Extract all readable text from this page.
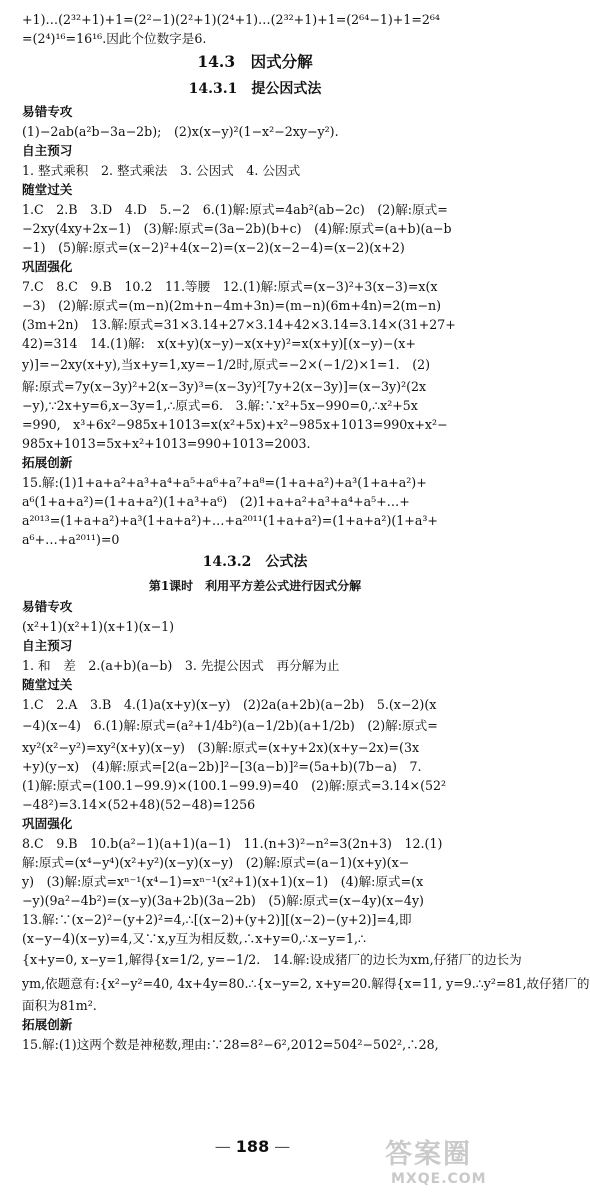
+1)…(2³²+1)+1=(2²−1)(2²+1)(2⁴+1)…(2³²+1)+1=(2⁶⁴−1)+1=2⁶⁴
=(2⁴)¹⁶=16¹⁶.因此个位数字是6.
14.3　因式分解
14.3.1　提公因式法
易错专攻
(1)−2ab(a²b−3a−2b);　(2)x(x−y)²(1−x²−2xy−y²).
自主预习
1. 整式乘积　2. 整式乘法　3. 公因式　4. 公因式
随堂过关
1.C　2.B　3.D　4.D　5.−2　6.(1)解:原式=4ab²(ab−2c)　(2)解:原式=
−2xy(4xy+2x−1)　(3)解:原式=(3a−2b)(b+c)　(4)解:原式=(a+b)(a−b
−1)　(5)解:原式=(x−2)²+4(x−2)=(x−2)(x−2−4)=(x−2)(x+2)
巩固强化
7.C　8.C　9.B　10.2　11.等腰　12.(1)解:原式=(x−3)²+3(x−3)=x(x
−3)　(2)解:原式=(m−n)(2m+n−4m+3n)=(m−n)(6m+4n)=2(m−n)
(3m+2n)　13.解:原式=31×3.14+27×3.14+42×3.14=3.14×(31+27+
42)=314　14.(1)解:　x(x+y)(x−y)−x(x+y)²=x(x+y)[(x−y)−(x+
y)]=−2xy(x+y),当x+y=1,xy=−1/2时,原式=−2×(−1/2)×1=1.　(2)
解:原式=7y(x−3y)²+2(x−3y)³=(x−3y)²[7y+2(x−3y)]=(x−3y)²(2x
−y),∵2x+y=6,x−3y=1,∴原式=6.　3.解:∵x²+5x−990=0,∴x²+5x
=990,　x³+6x²−985x+1013=x(x²+5x)+x²−985x+1013=990x+x²−
985x+1013=5x+x²+1013=990+1013=2003.
拓展创新
15.解:(1)1+a+a²+a³+a⁴+a⁵+a⁶+a⁷+a⁸=(1+a+a²)+a³(1+a+a²)+
a⁶(1+a+a²)=(1+a+a²)(1+a³+a⁶)　(2)1+a+a²+a³+a⁴+a⁵+…+
a²⁰¹³=(1+a+a²)+a³(1+a+a²)+…+a²⁰¹¹(1+a+a²)=(1+a+a²)(1+a³+
a⁶+…+a²⁰¹¹)=0
14.3.2　公式法
第1课时　利用平方差公式进行因式分解
易错专攻
(x²+1)(x²+1)(x+1)(x−1)
自主预习
1. 和　差　2.(a+b)(a−b)　3. 先提公因式　再分解为止
随堂过关
1.C　2.A　3.B　4.(1)a(x+y)(x−y)　(2)2a(a+2b)(a−2b)　5.(x−2)(x
−4)(x−4)　6.(1)解:原式=(a²+1/4b²)(a−1/2b)(a+1/2b)　(2)解:原式=
xy²(x²−y²)=xy²(x+y)(x−y)　(3)解:原式=(x+y+2x)(x+y−2x)=(3x
+y)(y−x)　(4)解:原式=[2(a−2b)]²−[3(a−b)]²=(5a+b)(7b−a)　7.
(1)解:原式=(100.1−99.9)×(100.1−99.9)=40　(2)解:原式=3.14×(52²
−48²)=3.14×(52+48)(52−48)=1256
巩固强化
8.C　9.B　10.b(a²−1)(a+1)(a−1)　11.(n+3)²−n²=3(2n+3)　12.(1)
解:原式=(x⁴−y⁴)(x²+y²)(x−y)(x−y)　(2)解:原式=(a−1)(x+y)(x−
y)　(3)解:原式=xⁿ⁻¹(x⁴−1)=xⁿ⁻¹(x²+1)(x+1)(x−1)　(4)解:原式=(x
−y)(9a²−4b²)=(x−y)(3a+2b)(3a−2b)　(5)解:原式=(x−4y)(x−4y)
13.解:∵(x−2)²−(y+2)²=4,∴[(x−2)+(y+2)][(x−2)−(y+2)]=4,即
(x−y−4)(x−y)=4,又∵x,y互为相反数,∴x+y=0,∴x−y=1,∴
{x+y=0, x−y=1,解得{x=1/2, y=−1/2.　14.解:设成猪厂的边长为xm,仔猪厂的边长为
ym,依题意有:{x²−y²=40, 4x+4y=80.∴{x−y=2, x+y=20.解得{x=11, y=9.∴y²=81,故仔猪厂的
面积为81m².
拓展创新
15.解:(1)这两个数是神秘数,理由:∵28=8²−6²,2012=504²−502²,∴28,
— 188 —	答案圈
MXQE.COM
